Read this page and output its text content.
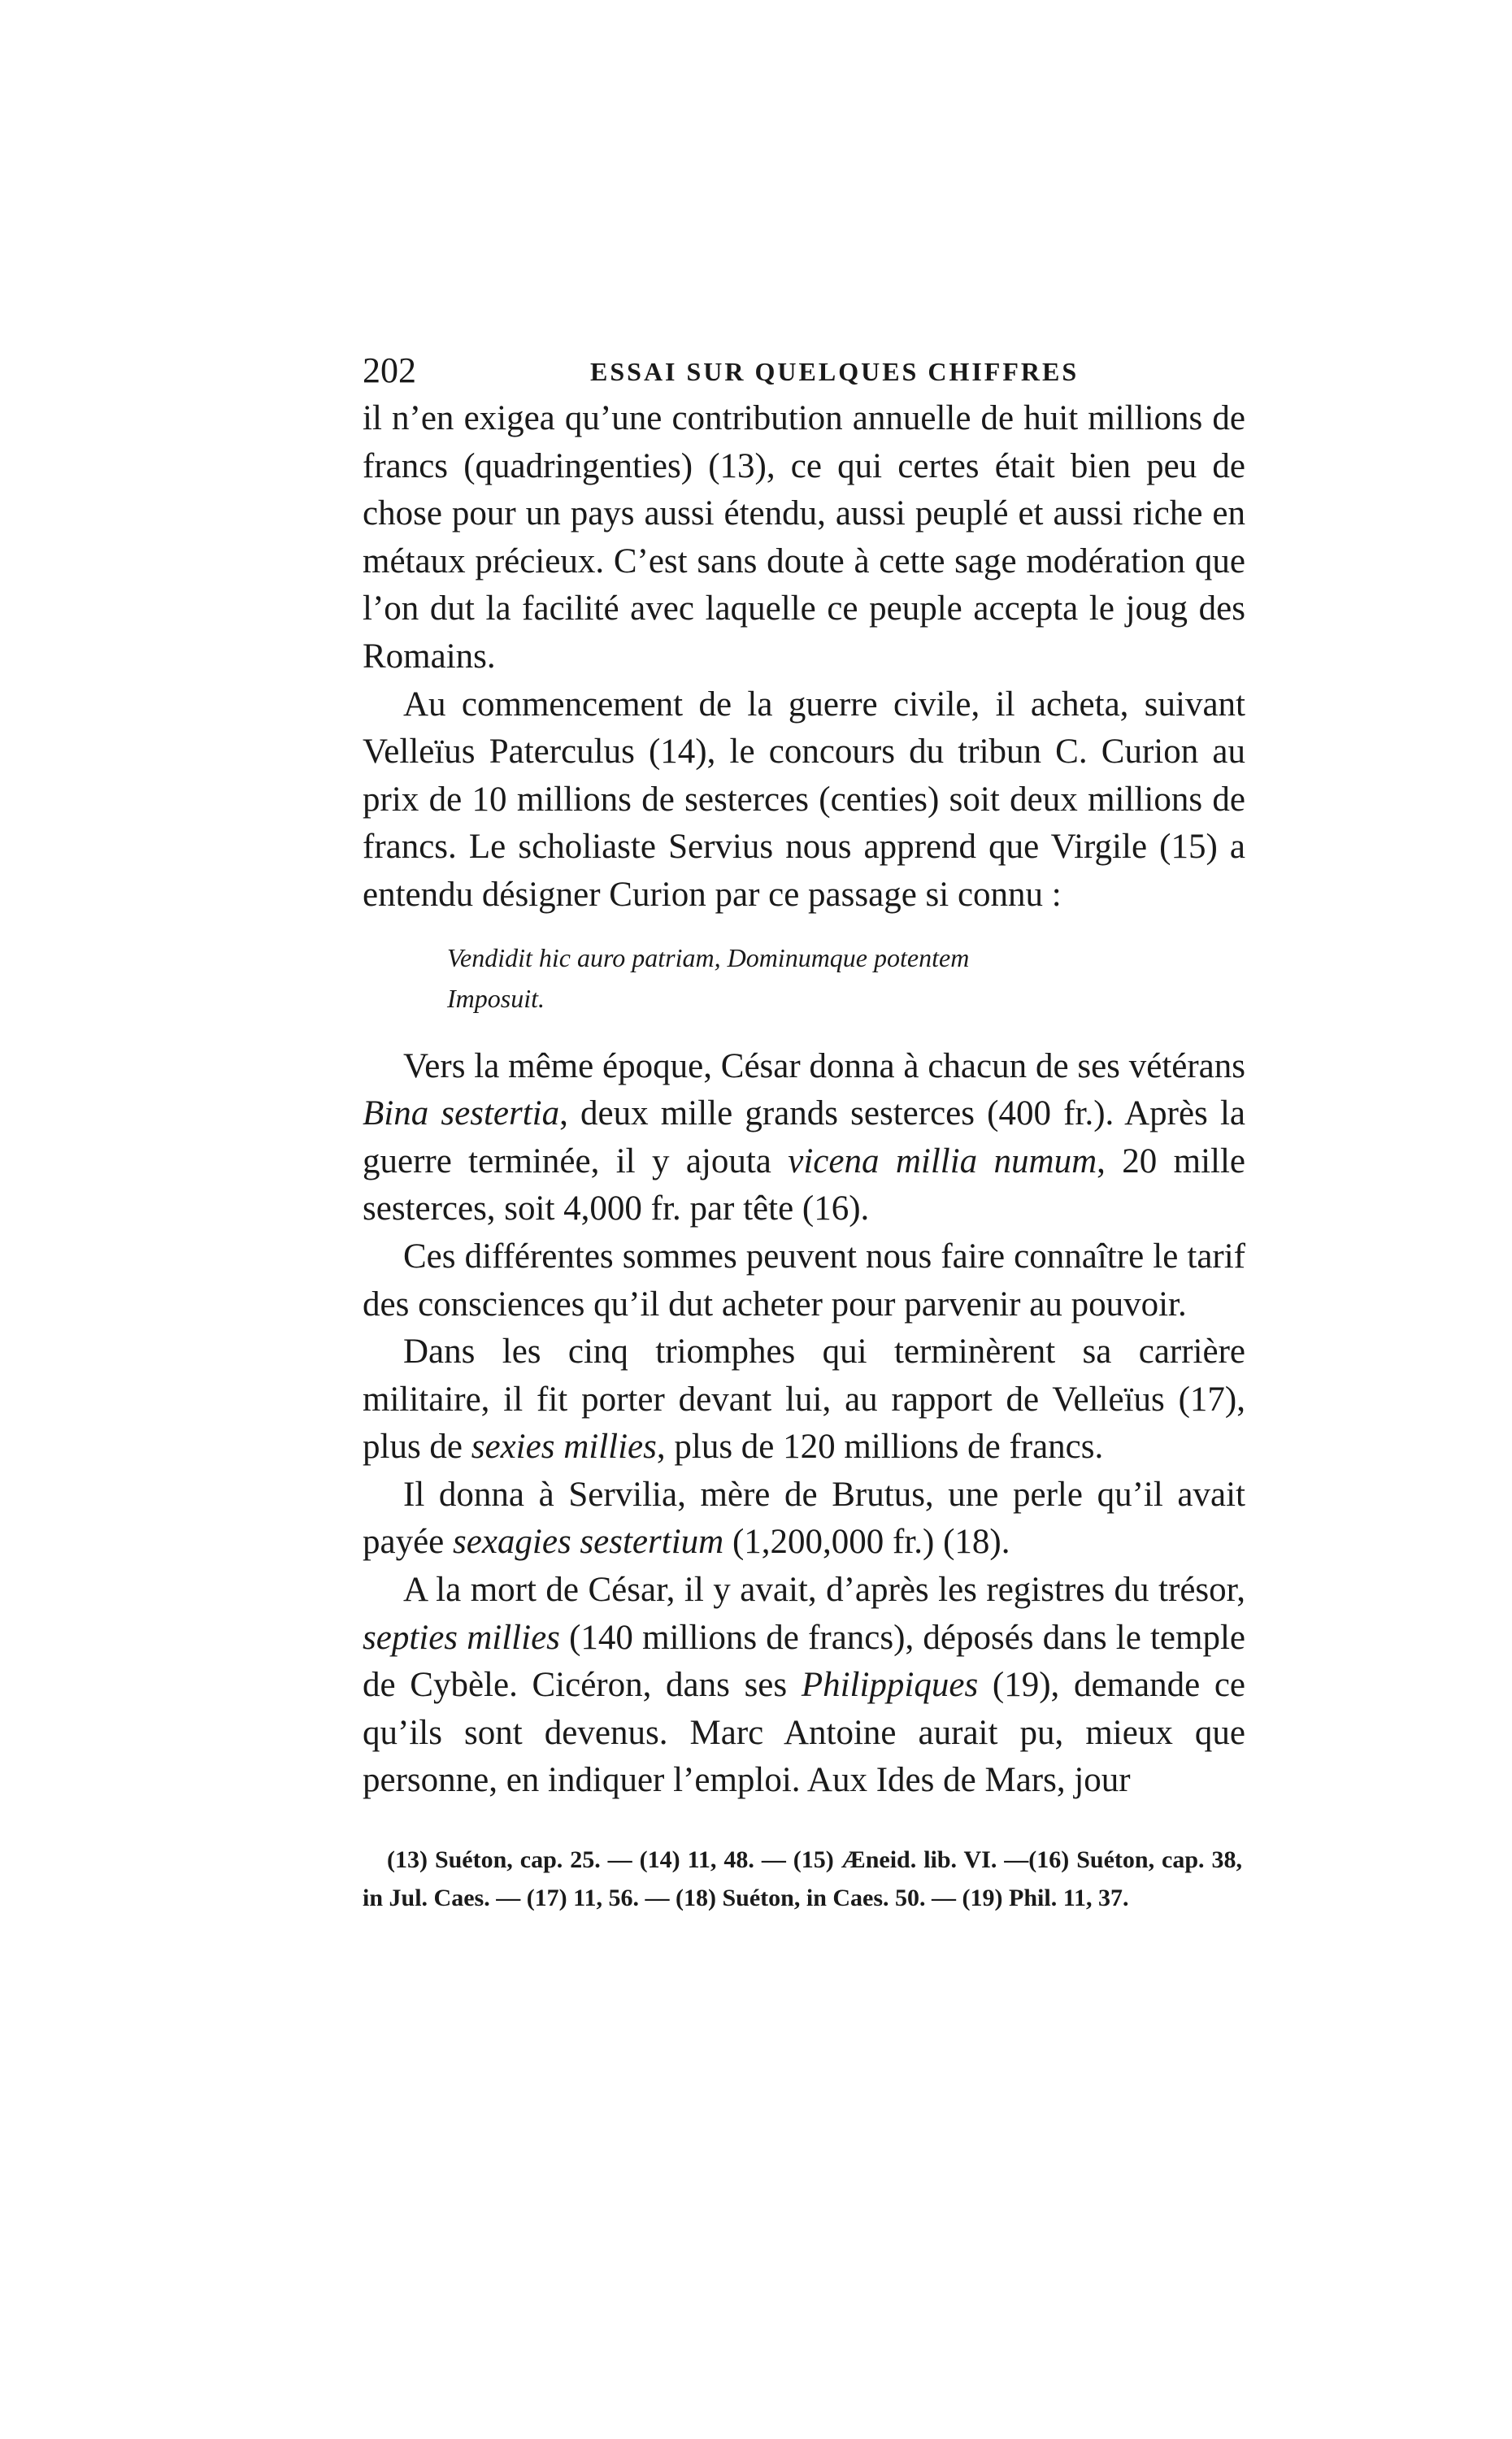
202	ESSAI SUR QUELQUES CHIFFRES

il n’en exigea qu’une contribution annuelle de huit millions de francs (quadringenties) (13), ce qui certes était bien peu de chose pour un pays aussi étendu, aussi peuplé et aussi riche en métaux précieux. C’est sans doute à cette sage modération que l’on dut la facilité avec laquelle ce peuple accepta le joug des Romains.

Au commencement de la guerre civile, il acheta, suivant Velleïus Paterculus (14), le concours du tribun C. Curion au prix de 10 millions de sesterces (centies) soit deux millions de francs. Le scholiaste Servius nous apprend que Virgile (15) a entendu désigner Curion par ce passage si connu :

Vendidit hic auro patriam, Dominumque potentem
Imposuit.

Vers la même époque, César donna à chacun de ses vétérans Bina sestertia, deux mille grands sesterces (400 fr.). Après la guerre terminée, il y ajouta vicena millia numum, 20 mille sesterces, soit 4,000 fr. par tête (16).

Ces différentes sommes peuvent nous faire connaître le tarif des consciences qu’il dut acheter pour parvenir au pouvoir.

Dans les cinq triomphes qui terminèrent sa carrière militaire, il fit porter devant lui, au rapport de Velleïus (17), plus de sexies millies, plus de 120 millions de francs.

Il donna à Servilia, mère de Brutus, une perle qu’il avait payée sexagies sestertium (1,200,000 fr.) (18).

A la mort de César, il y avait, d’après les registres du trésor, septies millies (140 millions de francs), déposés dans le temple de Cybèle. Cicéron, dans ses Philippiques (19), demande ce qu’ils sont devenus. Marc Antoine aurait pu, mieux que personne, en indiquer l’emploi. Aux Ides de Mars, jour

(13) Suéton, cap. 25. — (14) 11, 48. — (15) Æneid. lib. VI. —(16) Suéton, cap. 38, in Jul. Caes. — (17) 11, 56. — (18) Suéton, in Caes. 50. — (19) Phil. 11, 37.
